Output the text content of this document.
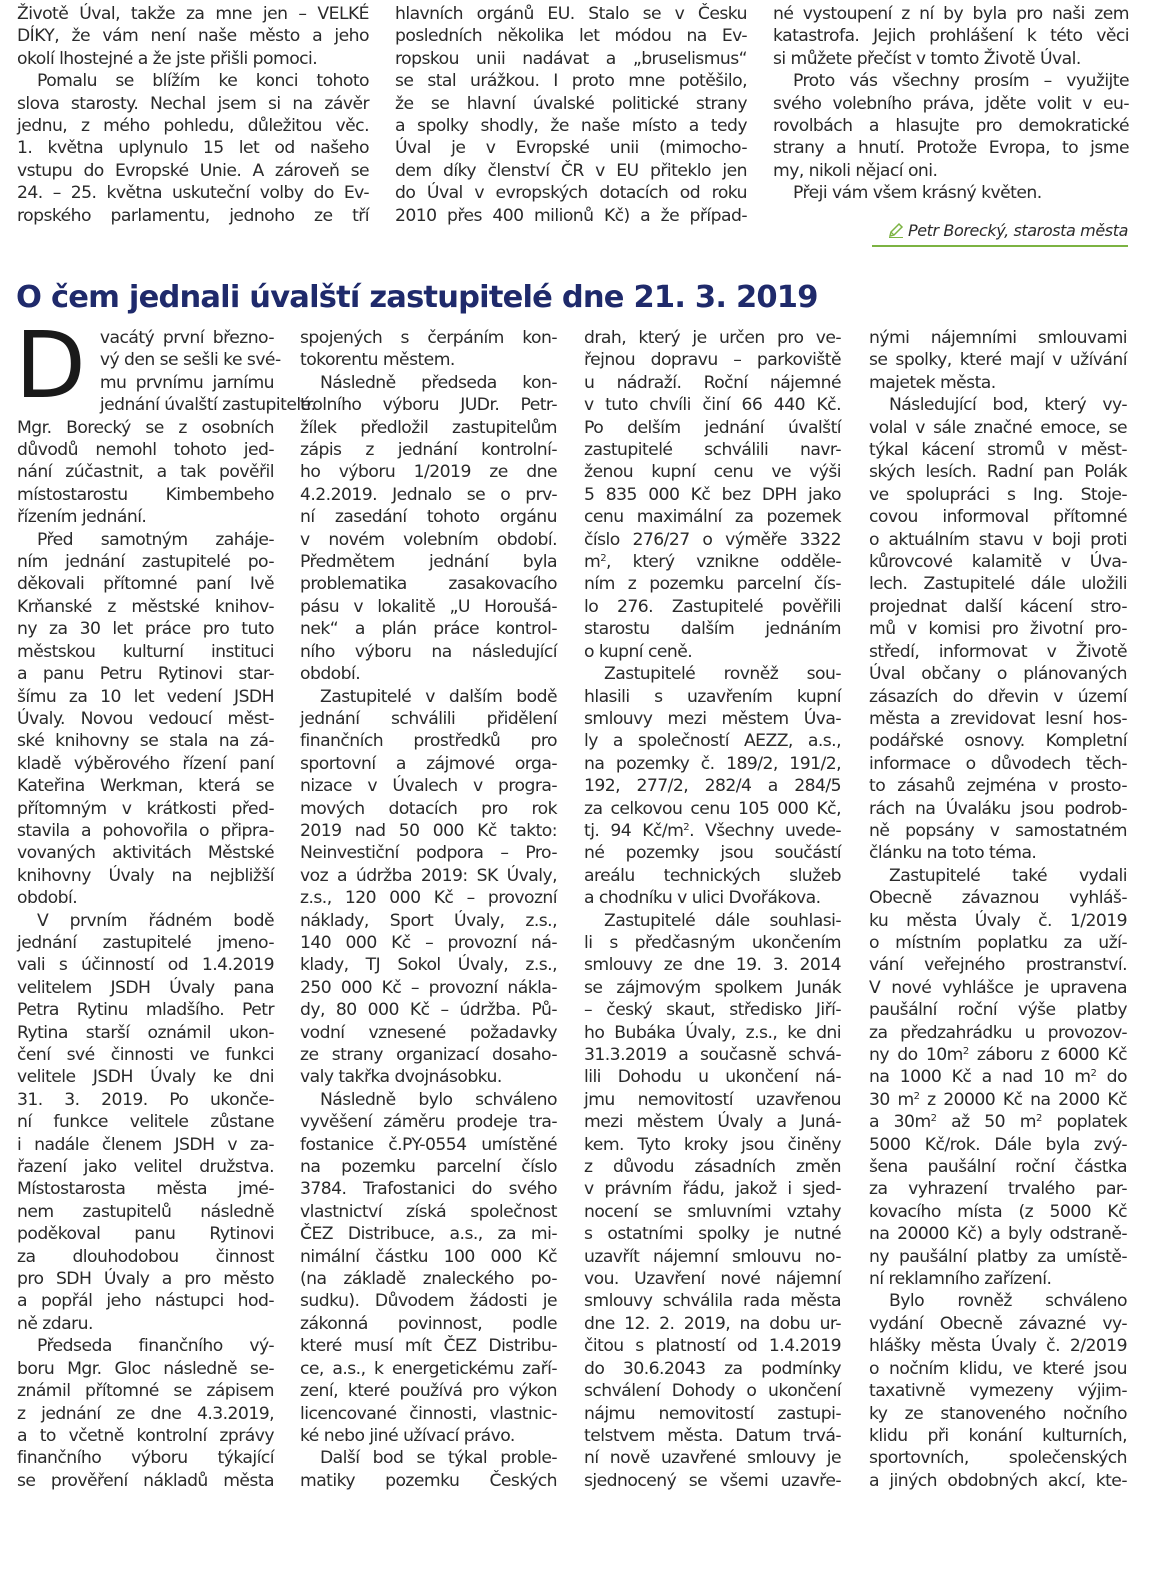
Životě Úval, takže za mne jen – VELKÉ
DÍKY, že vám není naše město a jeho
okolí lhostejné a že jste přišli pomoci.
Pomalu se blížím ke konci tohoto
slova starosty. Nechal jsem si na závěr
jednu, z mého pohledu, důležitou věc.
1. května uplynulo 15 let od našeho
vstupu do Evropské Unie. A zároveň se
24. – 25. května uskuteční volby do Ev-
ropského parlamentu, jednoho ze tří
hlavních orgánů EU. Stalo se v Česku
posledních několika let módou na Ev-
ropskou unii nadávat a „bruselismus“
se stal urážkou. I proto mne potěšilo,
že se hlavní úvalské politické strany
a spolky shodly, že naše místo a tedy
Úval je v Evropské unii (mimocho-
dem díky členství ČR v EU přiteklo jen
do Úval v evropských dotacích od roku
2010 přes 400 milionů Kč) a že případ-
né vystoupení z ní by byla pro naši zem
katastrofa. Jejich prohlášení k této věci
si můžete přečíst v tomto Životě Úval.
Proto vás všechny prosím – využijte
svého volebního práva, jděte volit v eu-
rovolbách a hlasujte pro demokratické
strany a hnutí. Protože Evropa, to jsme
my, nikoli nějací oni.
Přeji vám všem krásný květen.
Petr Borecký, starosta města
O čem jednali úvalští zastupitelé dne 21. 3. 2019
D vacátý první březno-
vý den se sešli ke své-
mu prvnímu jarnímu
jednání úvalští zastupitelé.
Mgr. Borecký se z osobních
důvodů nemohl tohoto jed-
nání zúčastnit, a tak pověřil
místostarostu Kimbembeho
řízením jednání.
Před samotným zaháje-
ním jednání zastupitelé po-
děkovali přítomné paní Ivě
Krňanské z městské knihov-
ny za 30 let práce pro tuto
městskou kulturní instituci
a panu Petru Rytinovi star-
šímu za 10 let vedení JSDH
Úvaly. Novou vedoucí měst-
ské knihovny se stala na zá-
kladě výběrového řízení paní
Kateřina Werkman, která se
přítomným v krátkosti před-
stavila a pohovořila o připra-
vovaných aktivitách Městské
knihovny Úvaly na nejbližší
období.
V prvním řádném bodě
jednání zastupitelé jmeno-
vali s účinností od 1.4.2019
velitelem JSDH Úvaly pana
Petra Rytinu mladšího. Petr
Rytina starší oznámil ukon-
čení své činnosti ve funkci
velitele JSDH Úvaly ke dni
31. 3. 2019. Po ukonče-
ní funkce velitele zůstane
i nadále členem JSDH v za-
řazení jako velitel družstva.
Místostarosta města jmé-
nem zastupitelů následně
poděkoval panu Rytinovi
za dlouhodobou činnost
pro SDH Úvaly a pro město
a popřál jeho nástupci hod-
ně zdaru.
Předseda finančního vý-
boru Mgr. Gloc následně se-
známil přítomné se zápisem
z jednání ze dne 4.3.2019,
a to včetně kontrolní zprávy
finančního výboru týkající
se prověření nákladů města
spojených s čerpáním kon-
tokorentu městem.
Následně předseda kon-
trolního výboru JUDr. Petr-
žílek předložil zastupitelům
zápis z jednání kontrolní-
ho výboru 1/2019 ze dne
4.2.2019. Jednalo se o prv-
ní zasedání tohoto orgánu
v novém volebním období.
Předmětem jednání byla
problematika zasakovacího
pásu v lokalitě „U Horoušá-
nek“ a plán práce kontrol-
ního výboru na následující
období.
Zastupitelé v dalším bodě
jednání schválili přidělení
finančních prostředků pro
sportovní a zájmové orga-
nizace v Úvalech v progra-
mových dotacích pro rok
2019 nad 50 000 Kč takto:
Neinvestiční podpora – Pro-
voz a údržba 2019: SK Úvaly,
z.s., 120 000 Kč – provozní
náklady, Sport Úvaly, z.s.,
140 000 Kč – provozní ná-
klady, TJ Sokol Úvaly, z.s.,
250 000 Kč – provozní nákla-
dy, 80 000 Kč – údržba. Pů-
vodní vznesené požadavky
ze strany organizací dosaho-
valy takřka dvojnásobku.
Následně bylo schváleno
vyvěšení záměru prodeje tra-
fostanice č.PY-0554 umístěné
na pozemku parcelní číslo
3784. Trafostanici do svého
vlastnictví získá společnost
ČEZ Distribuce, a.s., za mi-
nimální částku 100 000 Kč
(na základě znaleckého po-
sudku). Důvodem žádosti je
zákonná povinnost, podle
které musí mít ČEZ Distribu-
ce, a.s., k energetickému zaří-
zení, které používá pro výkon
licencované činnosti, vlastnic-
ké nebo jiné užívací právo.
Další bod se týkal proble-
matiky pozemku Českých
drah, který je určen pro ve-
řejnou dopravu – parkoviště
u nádraží. Roční nájemné
v tuto chvíli činí 66 440 Kč.
Po delším jednání úvalští
zastupitelé schválili navr-
ženou kupní cenu ve výši
5 835 000 Kč bez DPH jako
cenu maximální za pozemek
číslo 276/27 o výměře 3322
$m^2$, který vznikne odděle-
ním z pozemku parcelní čís-
lo 276. Zastupitelé pověřili
starostu dalším jednáním
o kupní ceně.
Zastupitelé rovněž sou-
hlasili s uzavřením kupní
smlouvy mezi městem Úva-
ly a společností AEZZ, a.s.,
na pozemky č. 189/2, 191/2,
192, 277/2, 282/4 a 284/5
za celkovou cenu 105 000 Kč,
tj. 94 $Kč/m^2$. Všechny uvede-
né pozemky jsou součástí
areálu technických služeb
a chodníku v ulici Dvořákova.
Zastupitelé dále souhlasi-
li s předčasným ukončením
smlouvy ze dne 19. 3. 2014
se zájmovým spolkem Junák
– český skaut, středisko Jiří-
ho Bubáka Úvaly, z.s., ke dni
31.3.2019 a současně schvá-
lili Dohodu u ukončení ná-
jmu nemovitostí uzavřenou
mezi městem Úvaly a Juná-
kem. Tyto kroky jsou činěny
z důvodu zásadních změn
v právním řádu, jakož i sjed-
nocení se smluvními vztahy
s ostatními spolky je nutné
uzavřít nájemní smlouvu no-
vou. Uzavření nové nájemní
smlouvy schválila rada města
dne 12. 2. 2019, na dobu ur-
čitou s platností od 1.4.2019
do 30.6.2043 za podmínky
schválení Dohody o ukončení
nájmu nemovitostí zastupi-
telstvem města. Datum trvá-
ní nově uzavřené smlouvy je
sjednocený se všemi uzavře-
nými nájemními smlouvami
se spolky, které mají v užívání
majetek města.
Následující bod, který vy-
volal v sále značné emoce, se
týkal kácení stromů v měst-
ských lesích. Radní pan Polák
ve spolupráci s Ing. Stoje-
covou informoval přítomné
o aktuálním stavu v boji proti
kůrovcové kalamitě v Úva-
lech. Zastupitelé dále uložili
projednat další kácení stro-
mů v komisi pro životní pro-
středí, informovat v Životě
Úval občany o plánovaných
zásazích do dřevin v území
města a zrevidovat lesní hos-
podářské osnovy. Kompletní
informace o důvodech těch-
to zásahů zejména v prosto-
rách na Úvaláku jsou podrob-
ně popsány v samostatném
článku na toto téma.
Zastupitelé také vydali
Obecně závaznou vyhláš-
ku města Úvaly č. 1/2019
o místním poplatku za uží-
vání veřejného prostranství.
V nové vyhlášce je upravena
paušální roční výše platby
za předzahrádku u provozov-
ny do $10m^2$ záboru z 6000 Kč
na 1000 Kč a nad 10 $m^2$ do
30 $m^2$ z 20000 Kč na 2000 Kč
a $30m^2$ až 50 $m^2$ poplatek
5000 Kč/rok. Dále byla zvý-
šena paušální roční částka
za vyhrazení trvalého par-
kovacího místa (z 5000 Kč
na 20000 Kč) a byly odstraně-
ny paušální platby za umístě-
ní reklamního zařízení.
Bylo rovněž schváleno
vydání Obecně závazné vy-
hlášky města Úvaly č. 2/2019
o nočním klidu, ve které jsou
taxativně vymezeny výjim-
ky ze stanoveného nočního
klidu při konání kulturních,
sportovních, společenských
a jiných obdobných akcí, kte-
